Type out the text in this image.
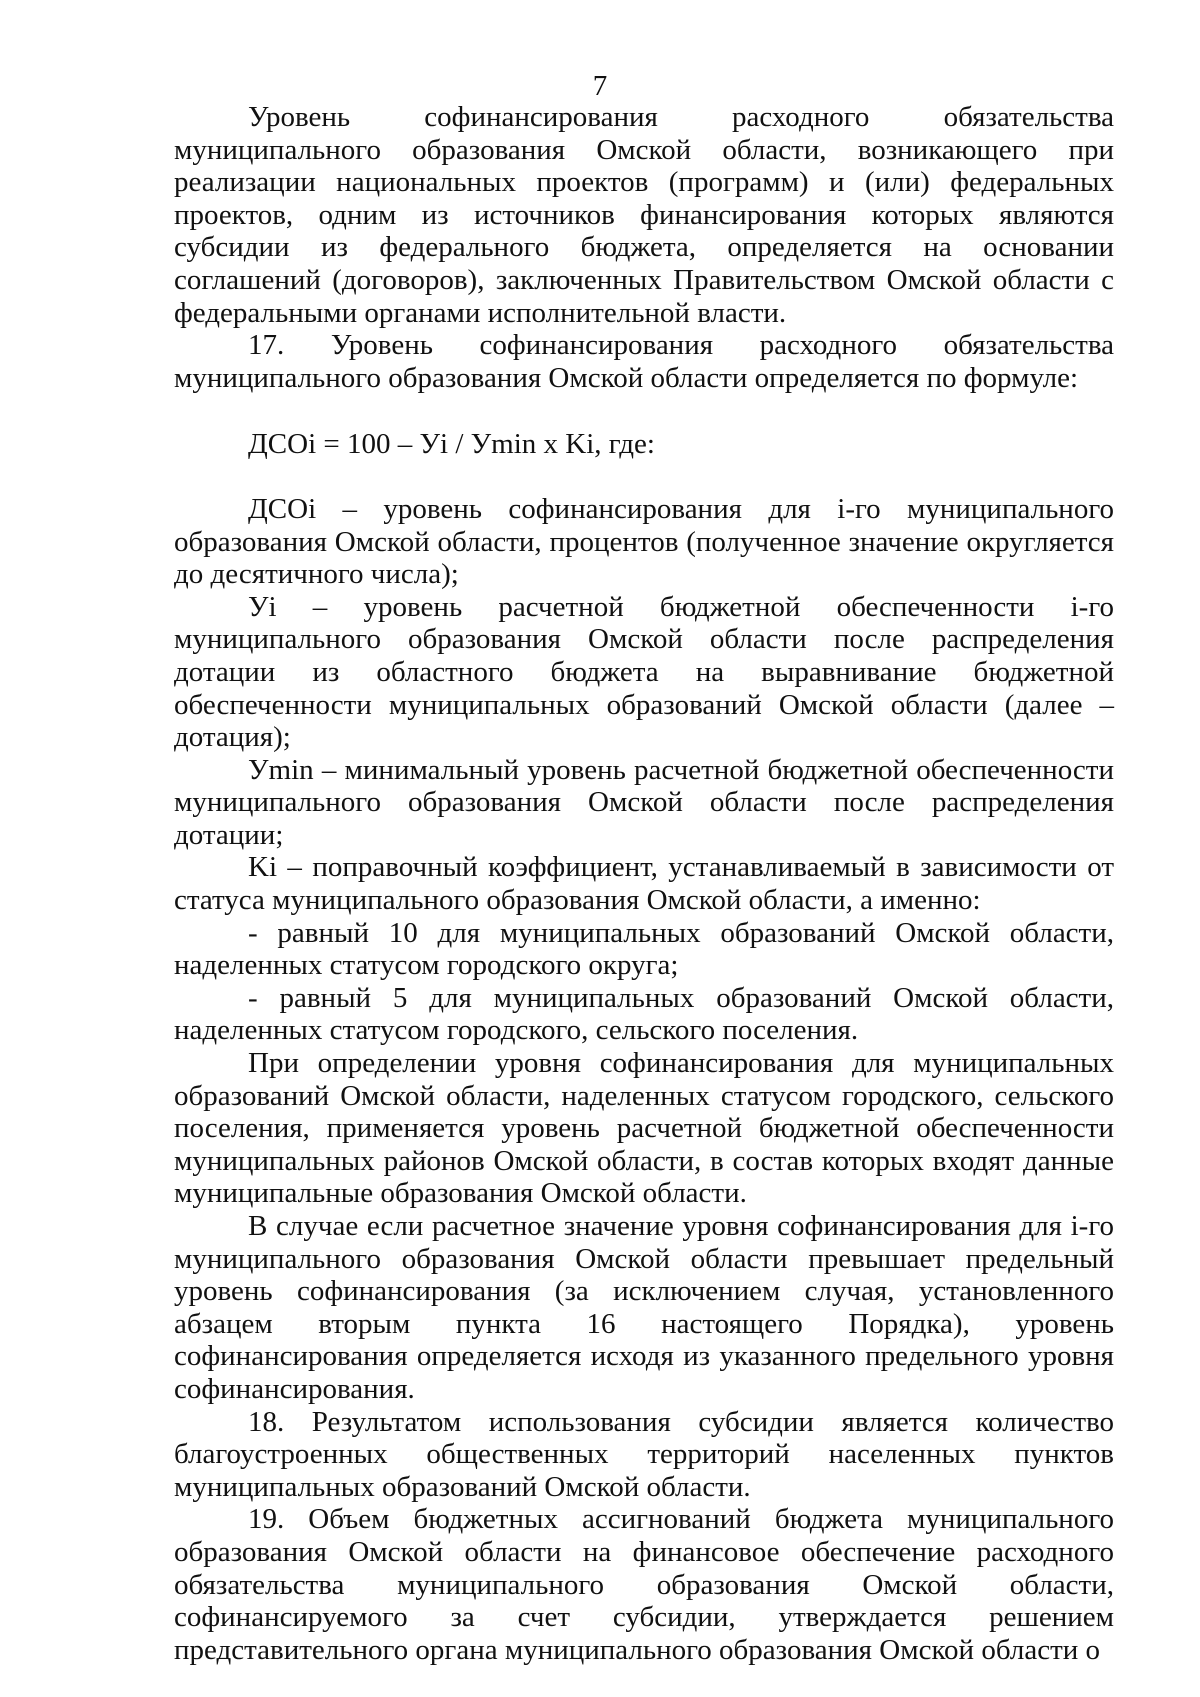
7

Уровень софинансирования расходного обязательства муниципального образования Омской области, возникающего при реализации национальных проектов (программ) и (или) федеральных проектов, одним из источников финансирования которых являются субсидии из федерального бюджета, определяется на основании соглашений (договоров), заключенных Правительством Омской области с федеральными органами исполнительной власти.

17. Уровень софинансирования расходного обязательства муниципального образования Омской области определяется по формуле:

ДСОi = 100 – Уi / Уmin x Ki, где:

ДСОi – уровень софинансирования для i-го муниципального образования Омской области, процентов (полученное значение округляется до десятичного числа);

Уi – уровень расчетной бюджетной обеспеченности i-го муниципального образования Омской области после распределения дотации из областного бюджета на выравнивание бюджетной обеспеченности муниципальных образований Омской области (далее – дотация);

Уmin – минимальный уровень расчетной бюджетной обеспеченности муниципального образования Омской области после распределения дотации;

Ki – поправочный коэффициент, устанавливаемый в зависимости от статуса муниципального образования Омской области, а именно:

- равный 10 для муниципальных образований Омской области, наделенных статусом городского округа;

- равный 5 для муниципальных образований Омской области, наделенных статусом городского, сельского поселения.

При определении уровня софинансирования для муниципальных образований Омской области, наделенных статусом городского, сельского поселения, применяется уровень расчетной бюджетной обеспеченности муниципальных районов Омской области, в состав которых входят данные муниципальные образования Омской области.

В случае если расчетное значение уровня софинансирования для i-го муниципального образования Омской области превышает предельный уровень софинансирования (за исключением случая, установленного абзацем вторым пункта 16 настоящего Порядка), уровень софинансирования определяется исходя из указанного предельного уровня софинансирования.

18. Результатом использования субсидии является количество благоустроенных общественных территорий населенных пунктов муниципальных образований Омской области.

19. Объем бюджетных ассигнований бюджета муниципального образования Омской области на финансовое обеспечение расходного обязательства муниципального образования Омской области, софинансируемого за счет субсидии, утверждается решением представительного органа муниципального образования Омской области о
